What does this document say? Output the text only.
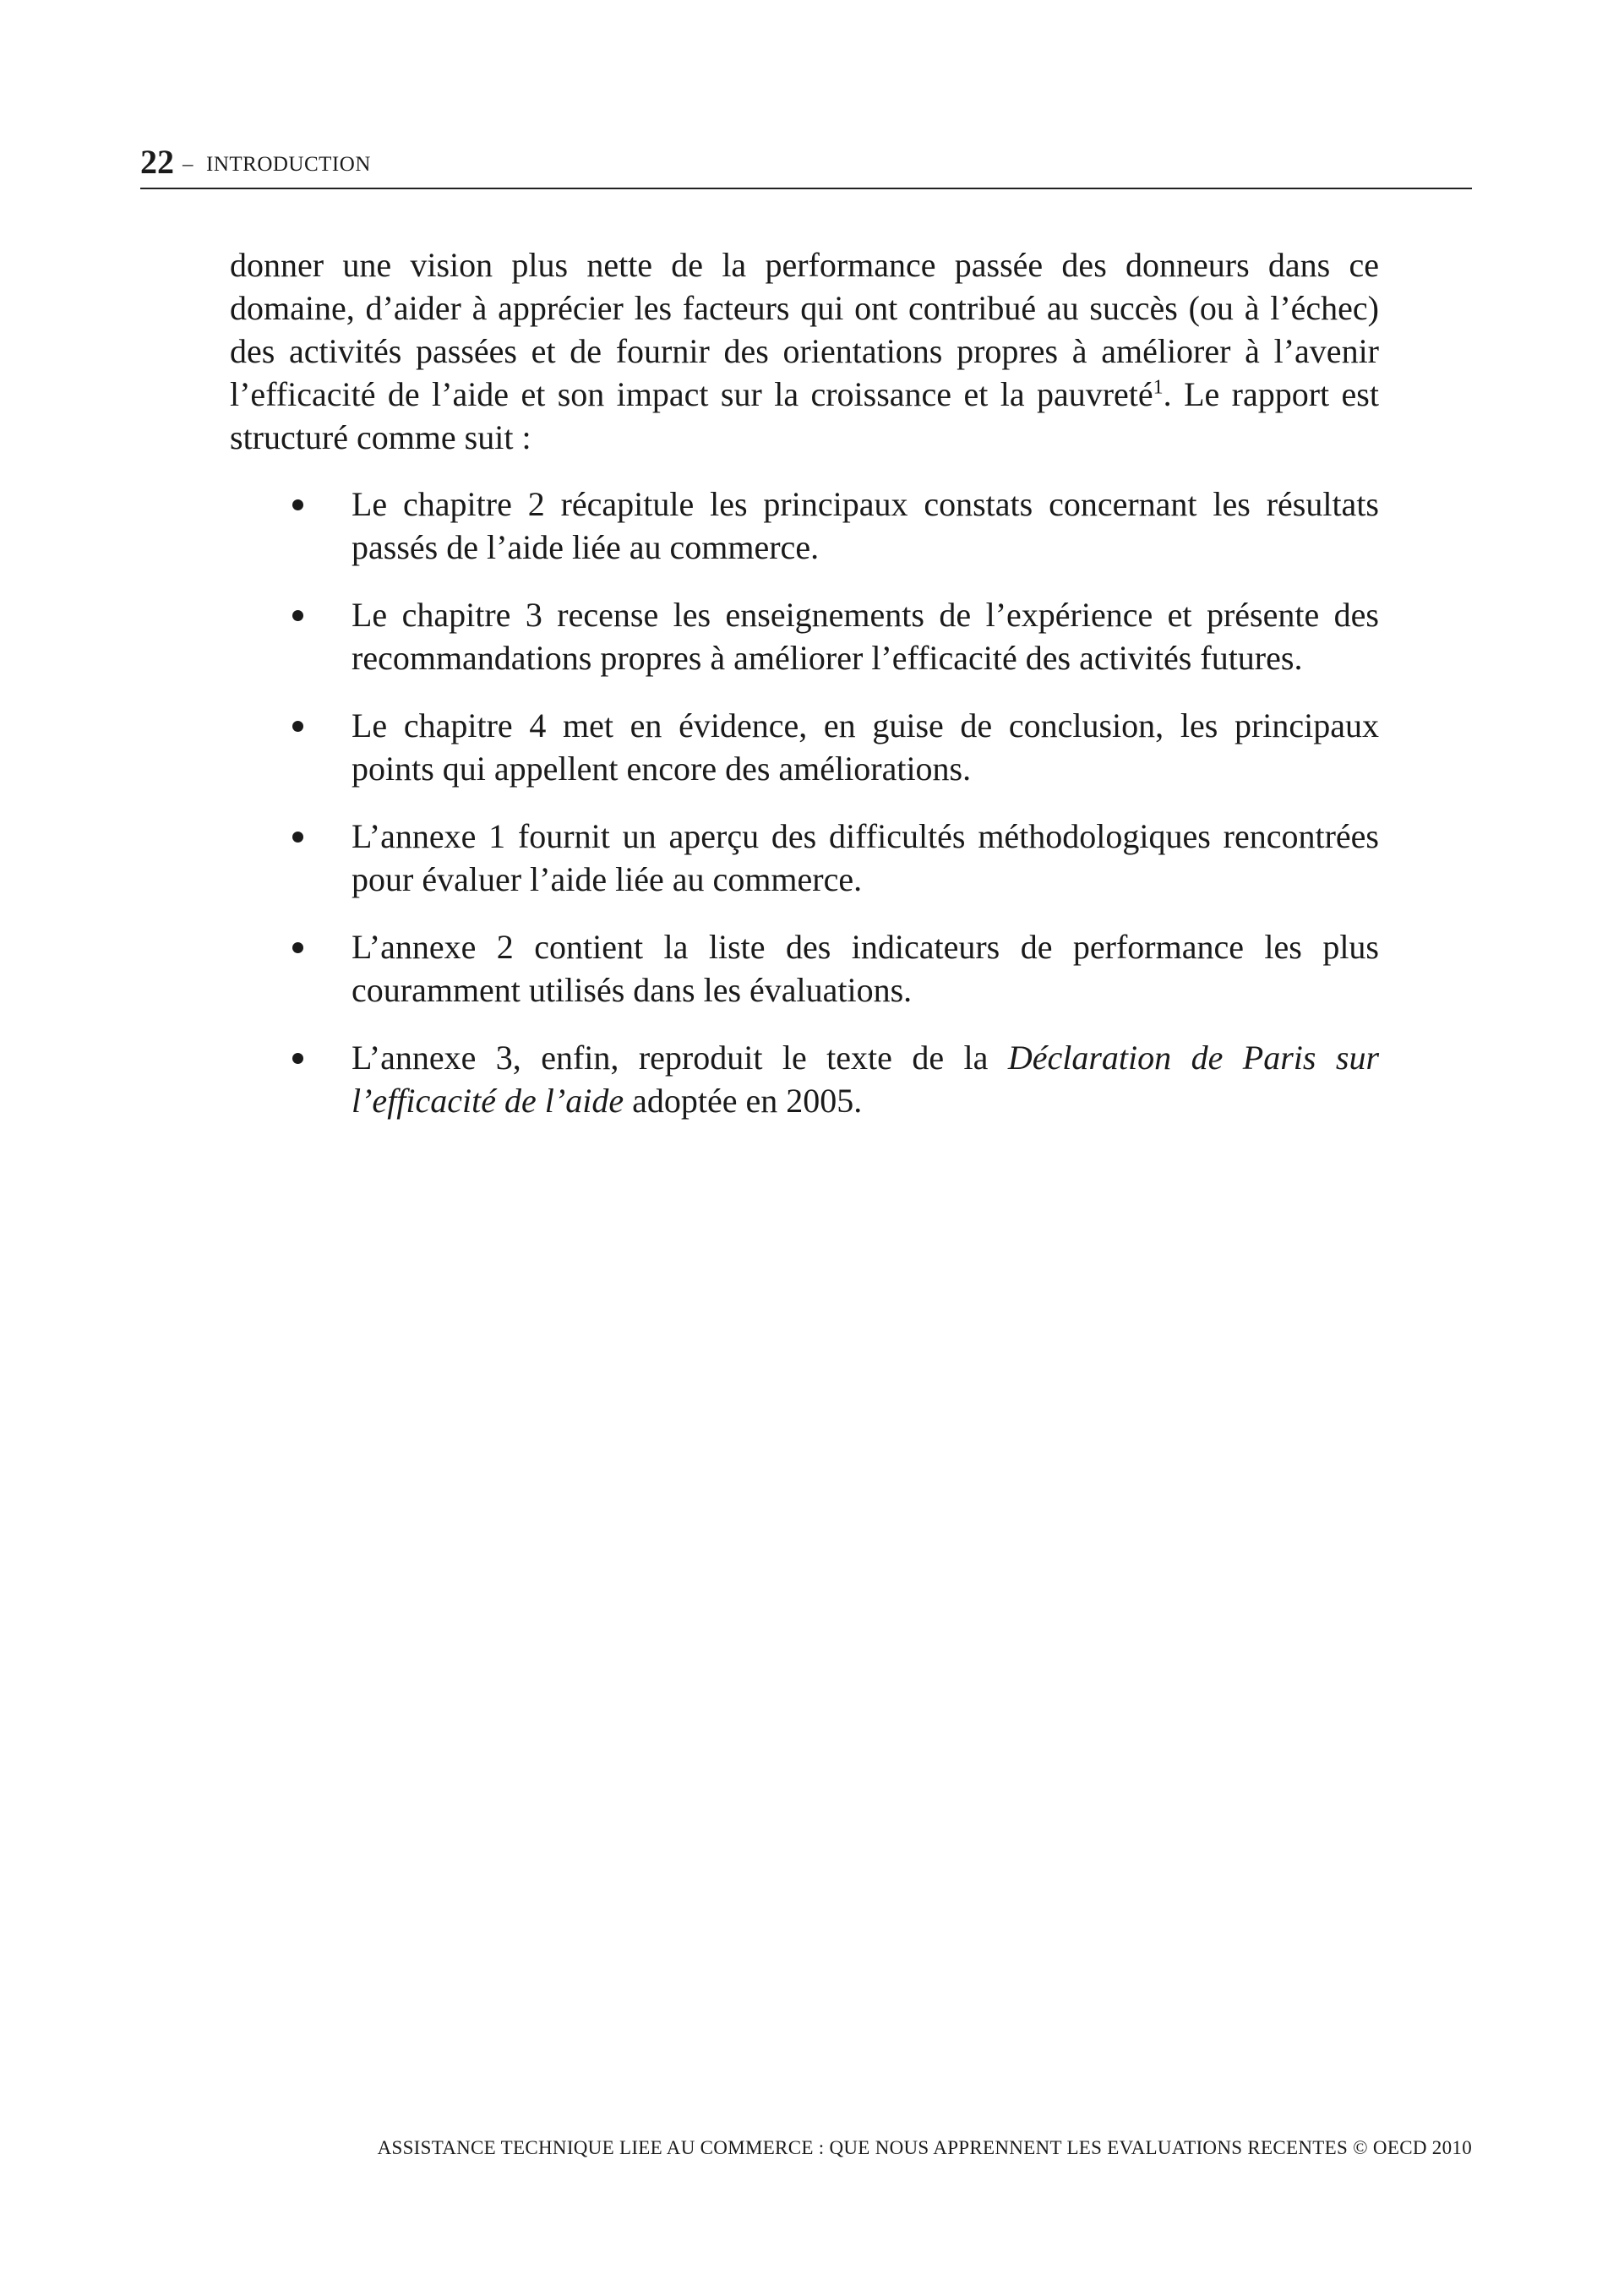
22 – INTRODUCTION

donner une vision plus nette de la performance passée des donneurs dans ce domaine, d’aider à apprécier les facteurs qui ont contribué au succès (ou à l’échec) des activités passées et de fournir des orientations propres à améliorer à l’avenir l’efficacité de l’aide et son impact sur la croissance et la pauvreté$^1$. Le rapport est structuré comme suit :

Le chapitre 2 récapitule les principaux constats concernant les résultats passés de l’aide liée au commerce.
Le chapitre 3 recense les enseignements de l’expérience et présente des recommandations propres à améliorer l’efficacité des activités futures.
Le chapitre 4 met en évidence, en guise de conclusion, les principaux points qui appellent encore des améliorations.
L’annexe 1 fournit un aperçu des difficultés méthodologiques rencontrées pour évaluer l’aide liée au commerce.
L’annexe 2 contient la liste des indicateurs de performance les plus couramment utilisés dans les évaluations.
L’annexe 3, enfin, reproduit le texte de la Déclaration de Paris sur l’efficacité de l’aide adoptée en 2005.
ASSISTANCE TECHNIQUE LIEE AU COMMERCE : QUE NOUS APPRENNENT LES EVALUATIONS RECENTES © OECD 2010
